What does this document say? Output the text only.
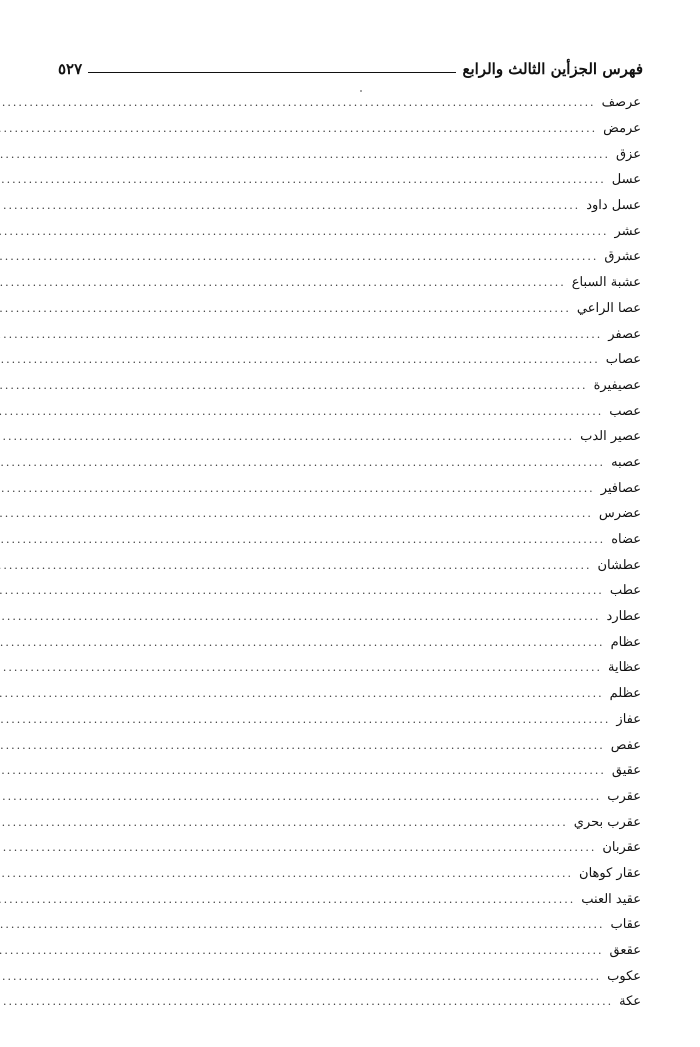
فهرس الجزأين الثالث والرابع
٥٢٧
عرصف
.....
عرمض
.....
عزق
.....
عسل
.....
عسل داود
.....
عشر
.....
عشرق
.....
عشبة السباع
.....
عصا الراعي
.....
عصفر
.....
عصاب
.....
عصيفيرة
.....
عصب
.....
عصير الدب
.....
عصبه
.....
عصافير
.....
عضرس
.....
عضاه
.....
عطشان
.....
عطب
.....
عطارد
.....
عظام
.....
عظاية
.....
عظلم
.....
عفاز
.....
عفص
.....
عقيق
.....
عقرب
.....
عقرب بحري
.....
عقربان
.....
عقار كوهان
.....
عقيد العنب
.....
عقاب
.....
عقعق
.....
عكوب
.....
عكة
.....
